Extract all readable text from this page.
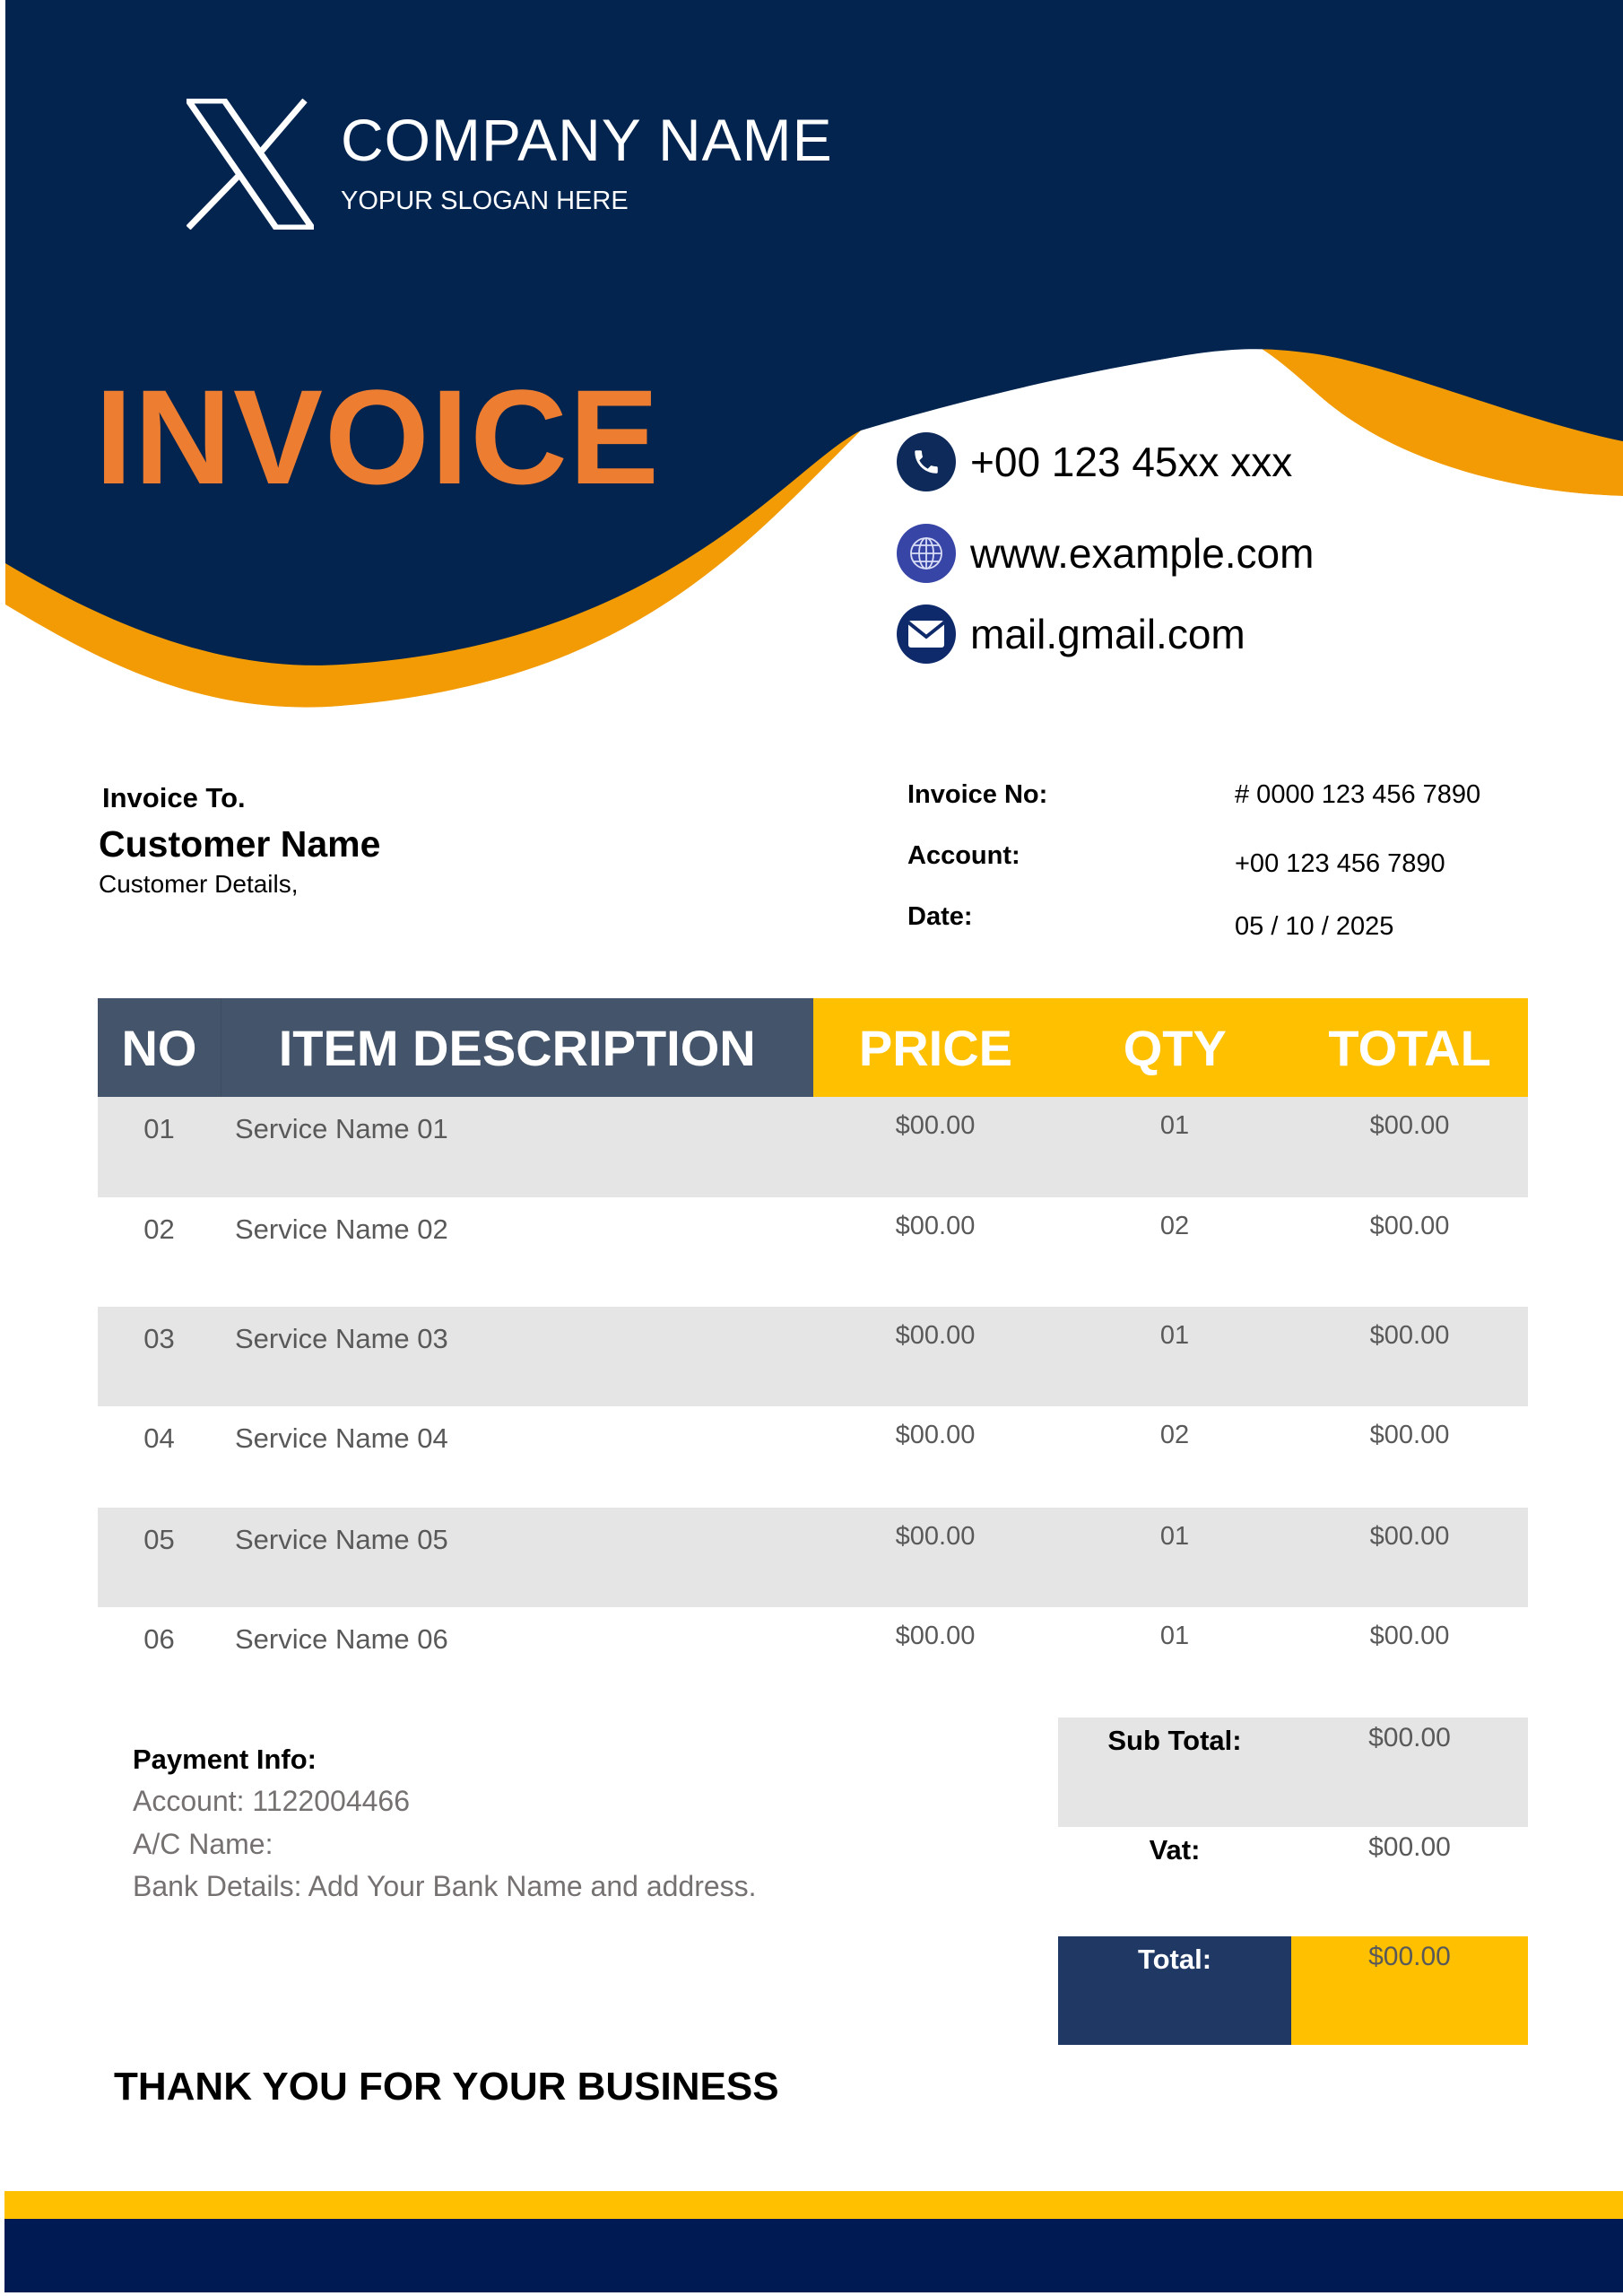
COMPANY NAME
YOPUR SLOGAN HERE
INVOICE	+00 123 45xx xxx
www.example.com
mail.gmail.com
Invoice To.
Customer Name
Customer Details,
Invoice No:	# 0000 123 456 7890
Account:	+00 123 456 7890
Date:	05 / 10 / 2025
NO	ITEM DESCRIPTION	PRICE	QTY	TOTAL
01	Service Name 01	$00.00	01	$00.00
02	Service Name 02	$00.00	02	$00.00
03	Service Name 03	$00.00	01	$00.00
04	Service Name 04	$00.00	02	$00.00
05	Service Name 05	$00.00	01	$00.00
06	Service Name 06	$00.00	01	$00.00
Payment Info:
Account: 1122004466
A/C Name:
Bank Details: Add Your Bank Name and address.
Sub Total:	$00.00
Vat:	$00.00
Total:	$00.00
THANK YOU FOR YOUR BUSINESS
